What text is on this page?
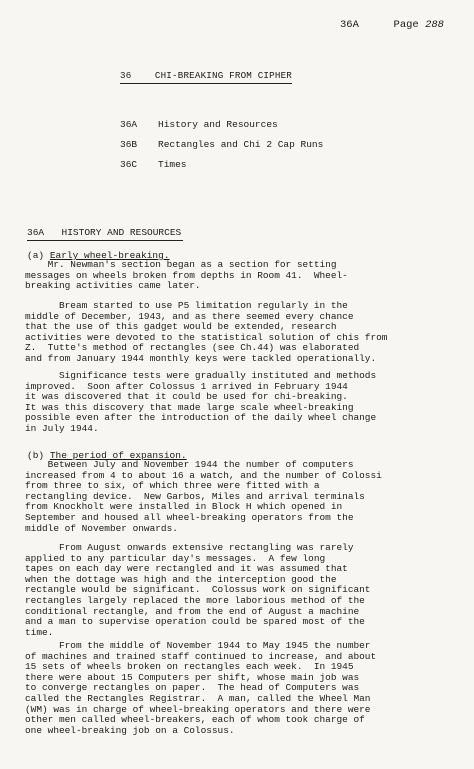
36A	Page 288
36	CHI-BREAKING FROM CIPHER
36A History and Resources
36B Rectangles and Chi 2 Cap Runs
36C Times
36A HISTORY AND RESOURCES
(a) Early wheel-breaking.
Mr. Newman's section began as a section for setting
messages on wheels broken from depths in Room 41.  Wheel-
breaking activities came later.
Bream started to use P5 limitation regularly in the
middle of December, 1943, and as there seemed every chance
that the use of this gadget would be extended, research
activities were devoted to the statistical solution of chis from
Z.  Tutte's method of rectangles (see Ch.44) was elaborated
and from January 1944 monthly keys were tackled operationally.
Significance tests were gradually instituted and methods
improved.  Soon after Colossus 1 arrived in February 1944
it was discovered that it could be used for chi-breaking.
It was this discovery that made large scale wheel-breaking
possible even after the introduction of the daily wheel change
in July 1944.
(b) The period of expansion.
Between July and November 1944 the number of computers
increased from 4 to about 16 a watch, and the number of Colossi
from three to six, of which three were fitted with a
rectangling device.  New Garbos, Miles and arrival terminals
from Knockholt were installed in Block H which opened in
September and housed all wheel-breaking operators from the
middle of November onwards.
From August onwards extensive rectangling was rarely
applied to any particular day's messages.  A few long
tapes on each day were rectangled and it was assumed that
when the dottage was high and the interception good the
rectangle would be significant.  Colossus work on significant
rectangles largely replaced the more laborious method of the
conditional rectangle, and from the end of August a machine
and a man to supervise operation could be spared most of the
time.
From the middle of November 1944 to May 1945 the number
of machines and trained staff continued to increase, and about
15 sets of wheels broken on rectangles each week.  In 1945
there were about 15 Computers per shift, whose main job was
to converge rectangles on paper.  The head of Computers was
called the Rectangles Registrar.  A man, called the Wheel Man
(WM) was in charge of wheel-breaking operators and there were
other men called wheel-breakers, each of whom took charge of
one wheel-breaking job on a Colossus.
